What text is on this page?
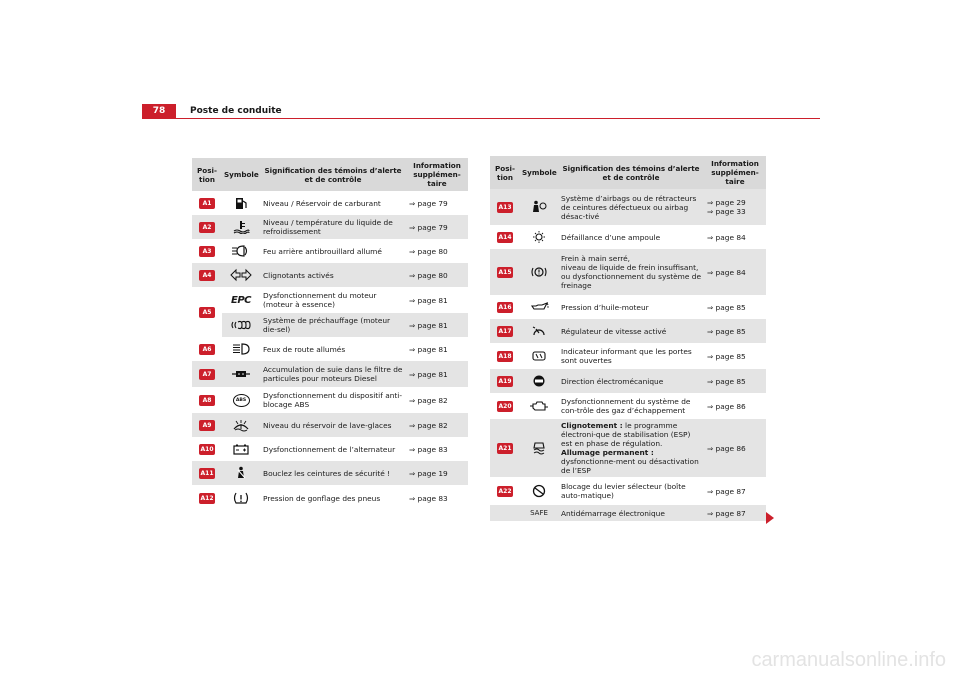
78	Poste de conduite
Posi-
tion	Symbole	Signification des témoins d’alerte et de contrôle	Information supplémen-
taire
A1		Niveau / Réservoir de carburant	⇒ page 79
A2		Niveau / température du liquide de refroidissement	⇒ page 79
A3		Feu arrière antibrouillard allumé	⇒ page 80
A4		Clignotants activés	⇒ page 80
A5	EPC	Dysfonctionnement du moteur (moteur à essence)	⇒ page 81
	Système de préchauffage (moteur die-sel)	⇒ page 81
A6		Feux de route allumés	⇒ page 81
A7		Accumulation de suie dans le filtre de particules pour moteurs Diesel	⇒ page 81
A8	ABS	Dysfonctionnement du dispositif anti-blocage ABS	⇒ page 82
A9		Niveau du réservoir de lave-glaces	⇒ page 82
A10		Dysfonctionnement de l’alternateur	⇒ page 83
A11		Bouclez les ceintures de sécurité !	⇒ page 19
A12		Pression de gonflage des pneus	⇒ page 83
Posi-
tion	Symbole	Signification des témoins d’alerte et de contrôle	Information supplémen-
taire
A13		Système d’airbags ou de rétracteurs de ceintures défectueux ou airbag désac-tivé	⇒ page 29
⇒ page 33
A14		Défaillance d’une ampoule	⇒ page 84
A15		Frein à main serré,
niveau de liquide de frein insuffisant, ou dysfonctionnement du système de freinage	⇒ page 84
A16		Pression d’huile-moteur	⇒ page 85
A17		Régulateur de vitesse activé	⇒ page 85
A18		Indicateur informant que les portes sont ouvertes	⇒ page 85
A19		Direction électromécanique	⇒ page 85
A20		Dysfonctionnement du système de con-trôle des gaz d’échappement	⇒ page 86
A21		Clignotement : le programme électroni-que de stabilisation (ESP) est en phase de régulation.
Allumage permanent : dysfonctionne-ment ou désactivation de l’ESP	⇒ page 86
A22		Blocage du levier sélecteur (boîte auto-matique)	⇒ page 87
	SAFE	Antidémarrage électronique	⇒ page 87
carmanualsonline.info
